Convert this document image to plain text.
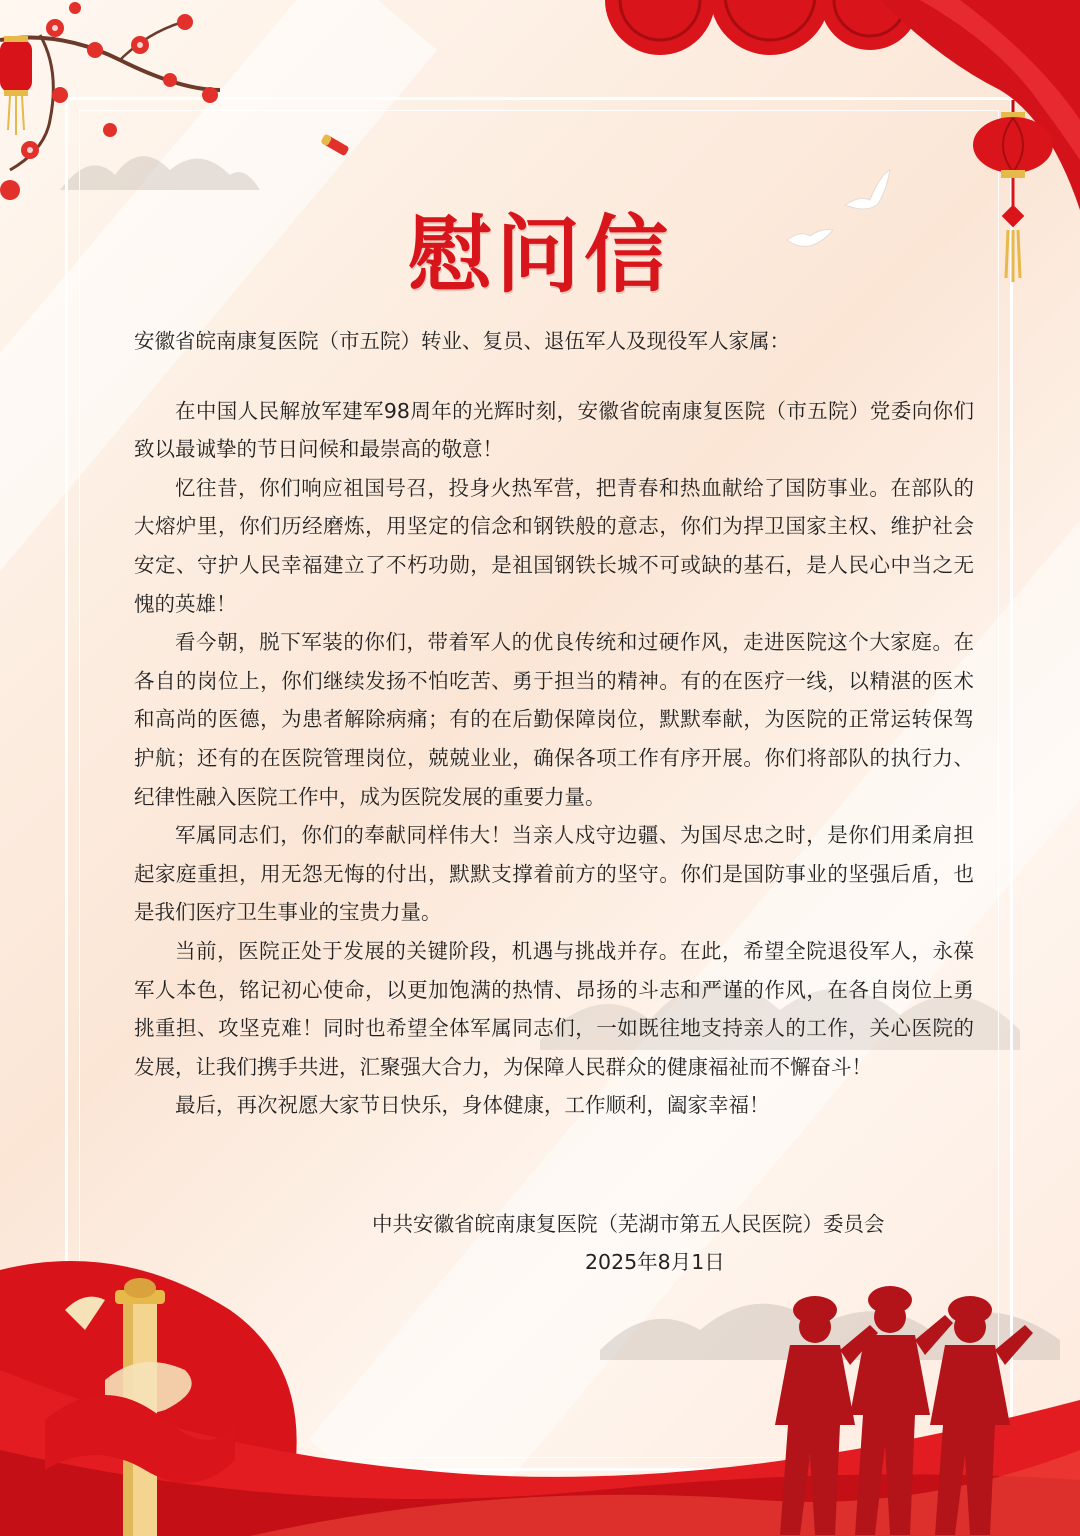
慰问信

安徽省皖南康复医院（市五院）转业、复员、退伍军人及现役军人家属：

在中国人民解放军建军98周年的光辉时刻，安徽省皖南康复医院（市五院）党委向你们致以最诚挚的节日问候和最崇高的敬意！

忆往昔，你们响应祖国号召，投身火热军营，把青春和热血献给了国防事业。在部队的大熔炉里，你们历经磨炼，用坚定的信念和钢铁般的意志，你们为捍卫国家主权、维护社会安定、守护人民幸福建立了不朽功勋，是祖国钢铁长城不可或缺的基石，是人民心中当之无愧的英雄！

看今朝，脱下军装的你们，带着军人的优良传统和过硬作风，走进医院这个大家庭。在各自的岗位上，你们继续发扬不怕吃苦、勇于担当的精神。有的在医疗一线，以精湛的医术和高尚的医德，为患者解除病痛；有的在后勤保障岗位，默默奉献，为医院的正常运转保驾护航；还有的在医院管理岗位，兢兢业业，确保各项工作有序开展。你们将部队的执行力、纪律性融入医院工作中，成为医院发展的重要力量。

军属同志们，你们的奉献同样伟大！当亲人戍守边疆、为国尽忠之时，是你们用柔肩担起家庭重担，用无怨无悔的付出，默默支撑着前方的坚守。你们是国防事业的坚强后盾，也是我们医疗卫生事业的宝贵力量。

当前，医院正处于发展的关键阶段，机遇与挑战并存。在此，希望全院退役军人，永葆军人本色，铭记初心使命，以更加饱满的热情、昂扬的斗志和严谨的作风，在各自岗位上勇挑重担、攻坚克难！同时也希望全体军属同志们，一如既往地支持亲人的工作，关心医院的发展，让我们携手共进，汇聚强大合力，为保障人民群众的健康福祉而不懈奋斗！

最后，再次祝愿大家节日快乐，身体健康，工作顺利，阖家幸福！

中共安徽省皖南康复医院（芜湖市第五人民医院）委员会
2025年8月1日
